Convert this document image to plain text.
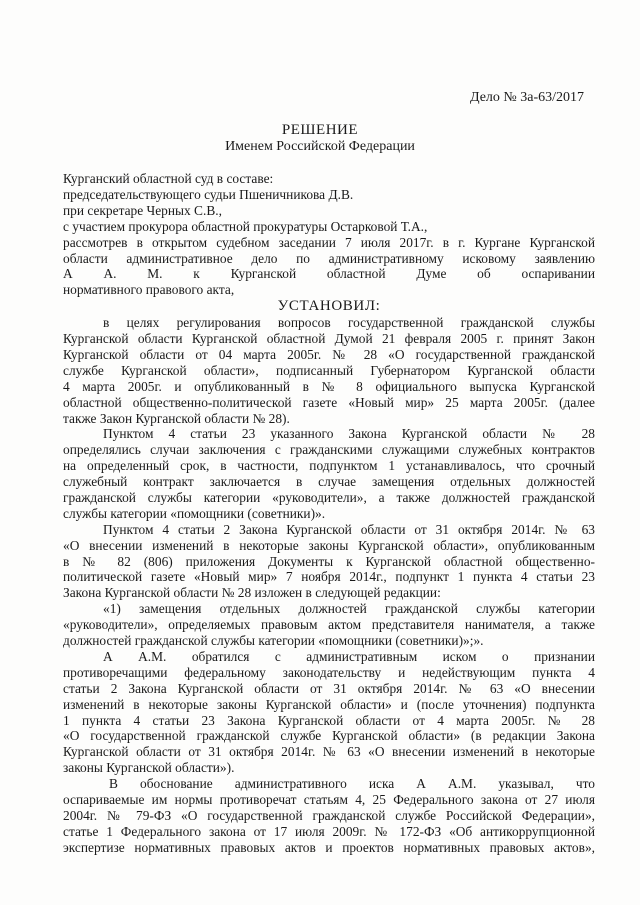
Дело № 3а-63/2017
РЕШЕНИЕ
Именем Российской Федерации
Курганский областной суд в составе:
председательствующего судьи Пшеничникова Д.В.
при секретаре Черных С.В.,
с участием прокурора областной прокуратуры Остарковой Т.А.,
рассмотрев в открытом судебном заседании 7 июля 2017г. в г. Кургане Курганской
области административное дело по административному исковому заявлению
А А. М. к Курганской областной Думе об оспаривании
нормативного правового акта,
УСТАНОВИЛ:
в целях регулирования вопросов государственной гражданской службы
Курганской области Курганской областной Думой 21 февраля 2005 г. принят Закон
Курганской области от 04 марта 2005г. № 28 «О государственной гражданской
службе Курганской области», подписанный Губернатором Курганской области
4 марта 2005г. и опубликованный в № 8 официального выпуска Курганской
областной общественно-политической газете «Новый мир» 25 марта 2005г. (далее
также Закон Курганской области № 28).
Пунктом 4 статьи 23 указанного Закона Курганской области № 28
определялись случаи заключения с гражданскими служащими служебных контрактов
на определенный срок, в частности, подпунктом 1 устанавливалось, что срочный
служебный контракт заключается в случае замещения отдельных должностей
гражданской службы категории «руководители», а также должностей гражданской
службы категории «помощники (советники)».
Пунктом 4 статьи 2 Закона Курганской области от 31 октября 2014г. № 63
«О внесении изменений в некоторые законы Курганской области», опубликованным
в № 82 (806) приложения Документы к Курганской областной общественно-
политической газете «Новый мир» 7 ноября 2014г., подпункт 1 пункта 4 статьи 23
Закона Курганской области № 28 изложен в следующей редакции:
«1) замещения отдельных должностей гражданской службы категории
«руководители», определяемых правовым актом представителя нанимателя, а также
должностей гражданской службы категории «помощники (советники)»;».
А А.М. обратился с административным иском о признании
противоречащими федеральному законодательству и недействующим пункта 4
статьи 2 Закона Курганской области от 31 октября 2014г. № 63 «О внесении
изменений в некоторые законы Курганской области» и (после уточнения) подпункта
1 пункта 4 статьи 23 Закона Курганской области от 4 марта 2005г. № 28
«О государственной гражданской службе Курганской области» (в редакции Закона
Курганской области от 31 октября 2014г. № 63 «О внесении изменений в некоторые
законы Курганской области»).
В обоснование административного иска А А.М. указывал, что
оспариваемые им нормы противоречат статьям 4, 25 Федерального закона от 27 июля
2004г. № 79-ФЗ «О государственной гражданской службе Российской Федерации»,
статье 1 Федерального закона от 17 июля 2009г. № 172-ФЗ «Об антикоррупционной
экспертизе нормативных правовых актов и проектов нормативных правовых актов»,
